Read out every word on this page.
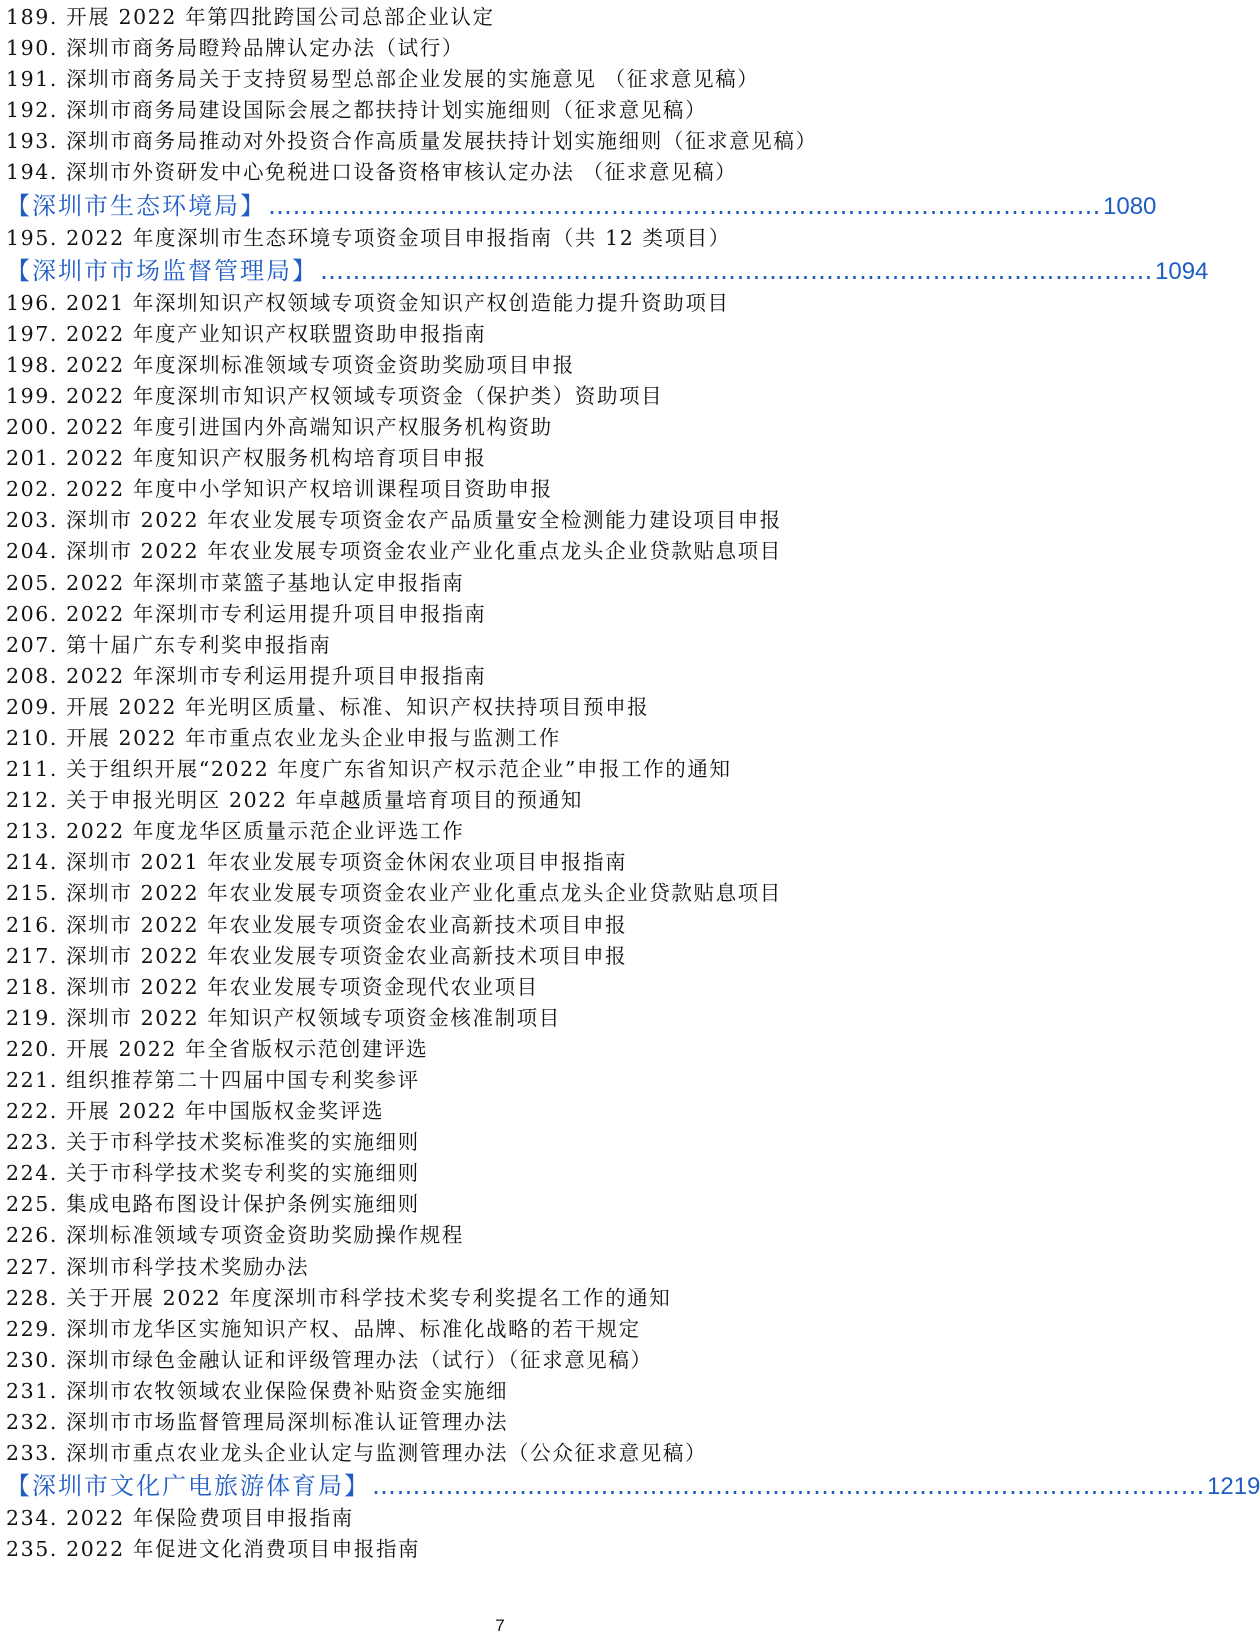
189. 开展 2022 年第四批跨国公司总部企业认定
190. 深圳市商务局瞪羚品牌认定办法（试行）
191. 深圳市商务局关于支持贸易型总部企业发展的实施意见 （征求意见稿）
192. 深圳市商务局建设国际会展之都扶持计划实施细则（征求意见稿）
193. 深圳市商务局推动对外投资合作高质量发展扶持计划实施细则（征求意见稿）
194. 深圳市外资研发中心免税进口设备资格审核认定办法 （征求意见稿）
【深圳市生态环境局】 ………………………………………………………………………………………… 1080
195. 2022 年度深圳市生态环境专项资金项目申报指南（共 12 类项目）
【深圳市市场监督管理局】 ………………………………………………………………………………………… 1094
196. 2021 年深圳知识产权领域专项资金知识产权创造能力提升资助项目
197. 2022 年度产业知识产权联盟资助申报指南
198. 2022 年度深圳标准领域专项资金资助奖励项目申报
199. 2022 年度深圳市知识产权领域专项资金（保护类）资助项目
200. 2022 年度引进国内外高端知识产权服务机构资助
201. 2022 年度知识产权服务机构培育项目申报
202. 2022 年度中小学知识产权培训课程项目资助申报
203. 深圳市 2022 年农业发展专项资金农产品质量安全检测能力建设项目申报
204. 深圳市 2022 年农业发展专项资金农业产业化重点龙头企业贷款贴息项目
205. 2022 年深圳市菜篮子基地认定申报指南
206. 2022 年深圳市专利运用提升项目申报指南
207. 第十届广东专利奖申报指南
208. 2022 年深圳市专利运用提升项目申报指南
209. 开展 2022 年光明区质量、标准、知识产权扶持项目预申报
210. 开展 2022 年市重点农业龙头企业申报与监测工作
211. 关于组织开展“2022 年度广东省知识产权示范企业”申报工作的通知
212. 关于申报光明区 2022 年卓越质量培育项目的预通知
213. 2022 年度龙华区质量示范企业评选工作
214. 深圳市 2021 年农业发展专项资金休闲农业项目申报指南
215. 深圳市 2022 年农业发展专项资金农业产业化重点龙头企业贷款贴息项目
216. 深圳市 2022 年农业发展专项资金农业高新技术项目申报
217. 深圳市 2022 年农业发展专项资金农业高新技术项目申报
218. 深圳市 2022 年农业发展专项资金现代农业项目
219. 深圳市 2022 年知识产权领域专项资金核准制项目
220. 开展 2022 年全省版权示范创建评选
221. 组织推荐第二十四届中国专利奖参评
222. 开展 2022 年中国版权金奖评选
223. 关于市科学技术奖标准奖的实施细则
224. 关于市科学技术奖专利奖的实施细则
225. 集成电路布图设计保护条例实施细则
226. 深圳标准领域专项资金资助奖励操作规程
227. 深圳市科学技术奖励办法
228. 关于开展 2022 年度深圳市科学技术奖专利奖提名工作的通知
229. 深圳市龙华区实施知识产权、品牌、标准化战略的若干规定
230. 深圳市绿色金融认证和评级管理办法（试行）（征求意见稿）
231. 深圳市农牧领域农业保险保费补贴资金实施细
232. 深圳市市场监督管理局深圳标准认证管理办法
233. 深圳市重点农业龙头企业认定与监测管理办法（公众征求意见稿）
【深圳市文化广电旅游体育局】 ………………………………………………………………………………………… 1219
234. 2022 年保险费项目申报指南
235. 2022 年促进文化消费项目申报指南
7
